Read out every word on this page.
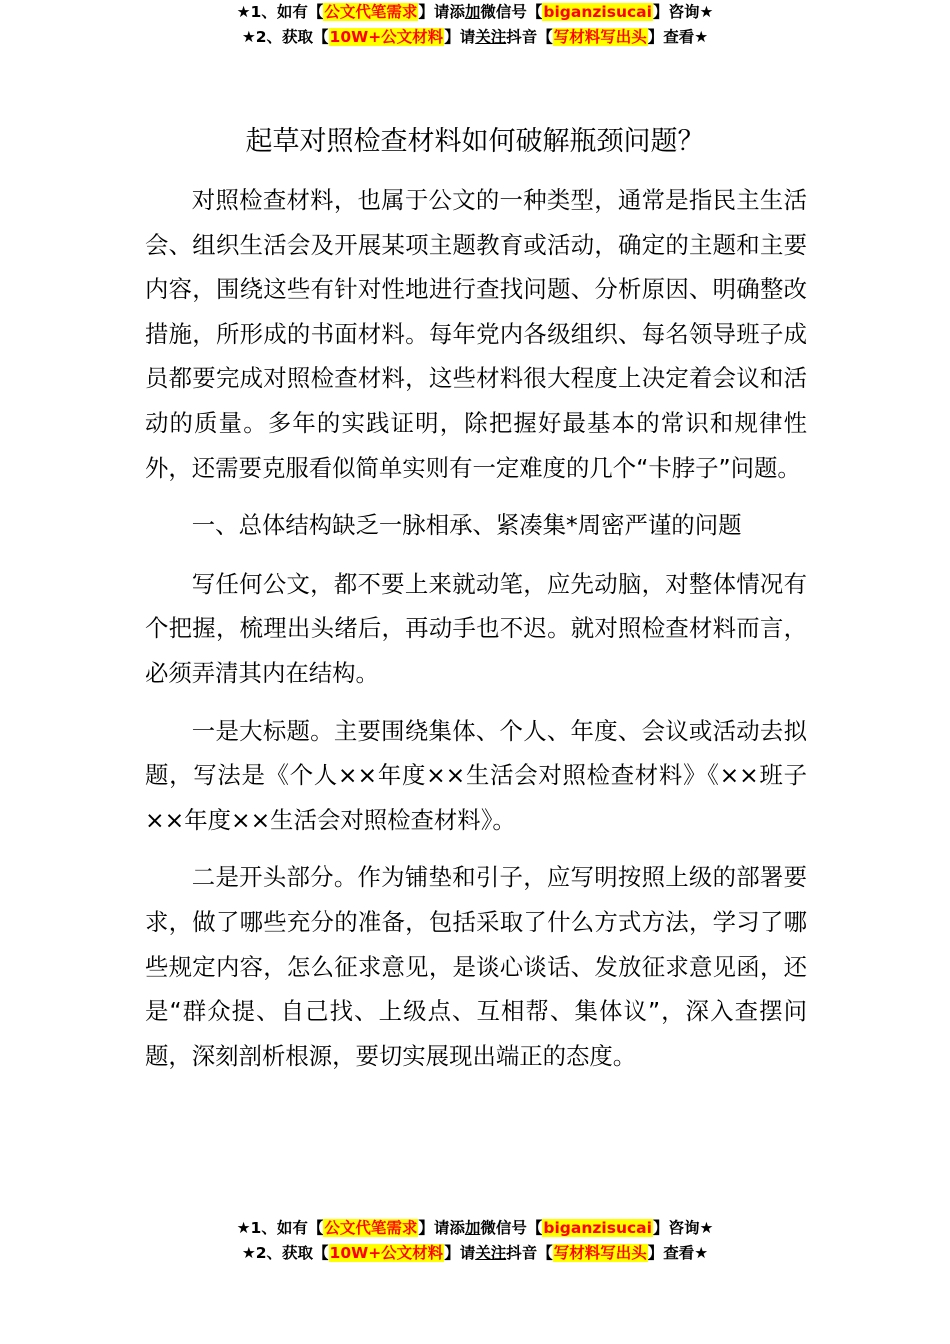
★1、如有【公文代笔需求】请添加微信号【biganzisucai】咨询★
★2、获取【10W+公文材料】请关注抖音【写材料写出头】查看★
起草对照检查材料如何破解瓶颈问题？

对照检查材料，也属于公文的一种类型，通常是指民主生活会、组织生活会及开展某项主题教育或活动，确定的主题和主要内容，围绕这些有针对性地进行查找问题、分析原因、明确整改措施，所形成的书面材料。每年党内各级组织、每名领导班子成员都要完成对照检查材料，这些材料很大程度上决定着会议和活动的质量。多年的实践证明，除把握好最基本的常识和规律性外，还需要克服看似简单实则有一定难度的几个“卡脖子”问题。

一、总体结构缺乏一脉相承、紧凑集*周密严谨的问题

写任何公文，都不要上来就动笔，应先动脑，对整体情况有个把握，梳理出头绪后，再动手也不迟。就对照检查材料而言，必须弄清其内在结构。

一是大标题。主要围绕集体、个人、年度、会议或活动去拟题，写法是《个人××年度××生活会对照检查材料》《××班子××年度××生活会对照检查材料》。

二是开头部分。作为铺垫和引子，应写明按照上级的部署要求，做了哪些充分的准备，包括采取了什么方式方法，学习了哪些规定内容，怎么征求意见，是谈心谈话、发放征求意见函，还是“群众提、自己找、上级点、互相帮、集体议”，深入查摆问题，深刻剖析根源，要切实展现出端正的态度。

★1、如有【公文代笔需求】请添加微信号【biganzisucai】咨询★
★2、获取【10W+公文材料】请关注抖音【写材料写出头】查看★
